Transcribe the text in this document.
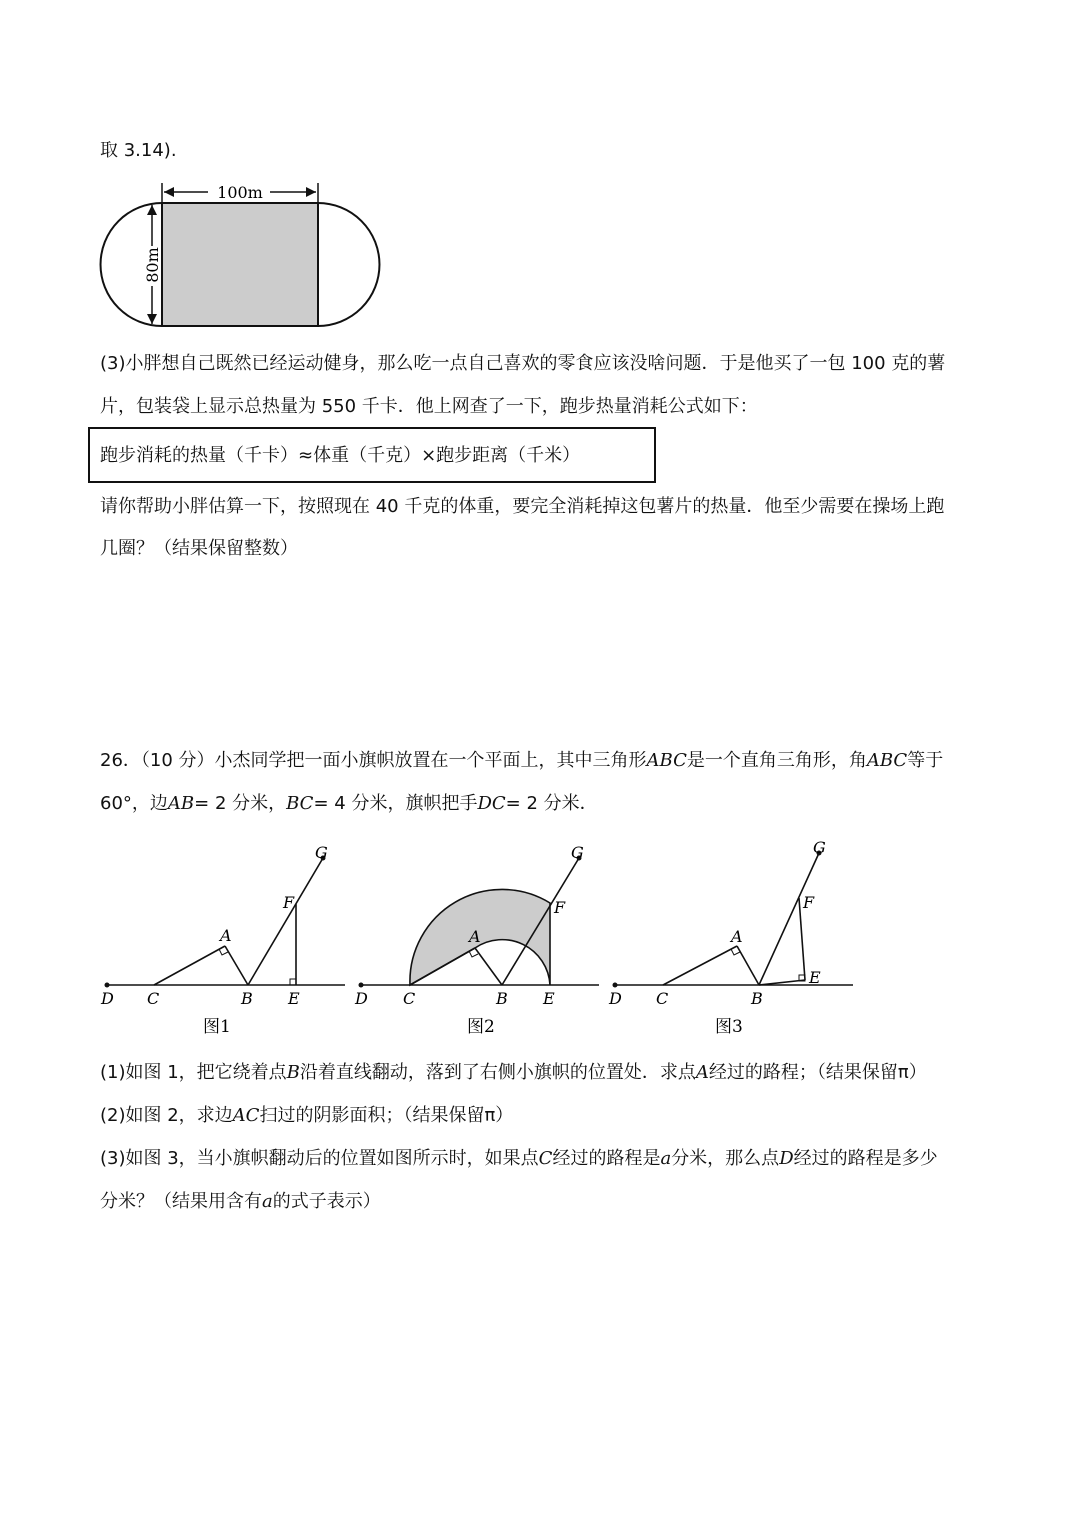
取 3.14).
100m
80m
(3)小胖想自己既然已经运动健身，那么吃一点自己喜欢的零食应该没啥问题．于是他买了一包 100 克的薯
片，包装袋上显示总热量为 550 千卡．他上网查了一下，跑步热量消耗公式如下：
跑步消耗的热量（千卡）≈体重（千克）×跑步距离（千米）
请你帮助小胖估算一下，按照现在 40 千克的体重，要完全消耗掉这包薯片的热量．他至少需要在操场上跑
几圈？（结果保留整数）
26．（10 分）小杰同学把一面小旗帜放置在一个平面上，其中三角形ABC是一个直角三角形，角ABC等于
60°，边AB= 2 分米，BC= 4 分米，旗帜把手DC= 2 分米．
D C
A
B E
F
G
D C
A
B E
F
G
D C
A
B
E
F
G
图1	图2	图3
(1)如图 1，把它绕着点B沿着直线翻动，落到了右侧小旗帜的位置处．求点A经过的路程；（结果保留π）
(2)如图 2，求边AC扫过的阴影面积；（结果保留π）
(3)如图 3，当小旗帜翻动后的位置如图所示时，如果点C经过的路程是a分米，那么点D经过的路程是多少
分米？（结果用含有a的式子表示）
